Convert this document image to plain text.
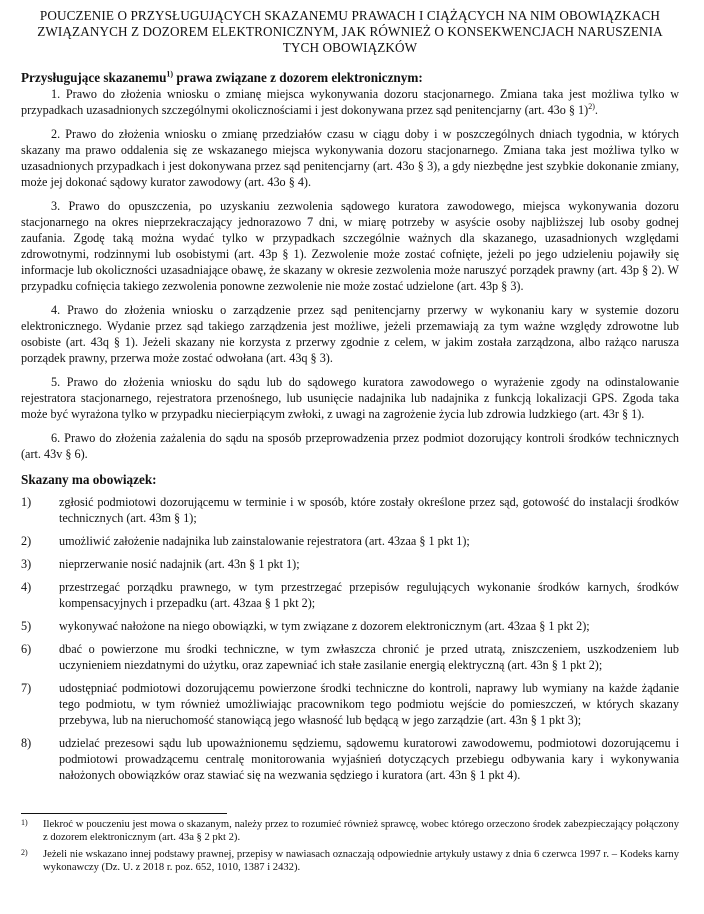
POUCZENIE O PRZYSŁUGUJĄCYCH SKAZANEMU PRAWACH I CIĄŻĄCYCH NA NIM OBOWIĄZKACH ZWIĄZANYCH Z DOZOREM ELEKTRONICZNYM, JAK RÓWNIEŻ O KONSEKWENCJACH NARUSZENIA TYCH OBOWIĄZKÓW

Przysługujące skazanemu$^{1)}$ prawa związane z dozorem elektronicznym:

1. Prawo do złożenia wniosku o zmianę miejsca wykonywania dozoru stacjonarnego. Zmiana taka jest możliwa tylko w przypadkach uzasadnionych szczególnymi okolicznościami i jest dokonywana przez sąd penitencjarny (art. 43o § 1)$^{2)}$.

2. Prawo do złożenia wniosku o zmianę przedziałów czasu w ciągu doby i w poszczególnych dniach tygodnia, w których skazany ma prawo oddalenia się ze wskazanego miejsca wykonywania dozoru stacjonarnego. Zmiana taka jest możliwa tylko w uzasadnionych przypadkach i jest dokonywana przez sąd penitencjarny (art. 43o § 3), a gdy niezbędne jest szybkie dokonanie zmiany, może jej dokonać sądowy kurator zawodowy (art. 43o § 4).

3. Prawo do opuszczenia, po uzyskaniu zezwolenia sądowego kuratora zawodowego, miejsca wykonywania dozoru stacjonarnego na okres nieprzekraczający jednorazowo 7 dni, w miarę potrzeby w asyście osoby najbliższej lub osoby godnej zaufania. Zgodę taką można wydać tylko w przypadkach szczególnie ważnych dla skazanego, uzasadnionych względami zdrowotnymi, rodzinnymi lub osobistymi (art. 43p § 1). Zezwolenie może zostać cofnięte, jeżeli po jego udzieleniu pojawiły się informacje lub okoliczności uzasadniające obawę, że skazany w okresie zezwolenia może naruszyć porządek prawny (art. 43p § 2). W przypadku cofnięcia takiego zezwolenia ponowne zezwolenie nie może zostać udzielone (art. 43p § 3).

4. Prawo do złożenia wniosku o zarządzenie przez sąd penitencjarny przerwy w wykonaniu kary w systemie dozoru elektronicznego. Wydanie przez sąd takiego zarządzenia jest możliwe, jeżeli przemawiają za tym ważne względy zdrowotne lub osobiste (art. 43q § 1). Jeżeli skazany nie korzysta z przerwy zgodnie z celem, w jakim została zarządzona, albo rażąco narusza porządek prawny, przerwa może zostać odwołana (art. 43q § 3).

5. Prawo do złożenia wniosku do sądu lub do sądowego kuratora zawodowego o wyrażenie zgody na odinstalowanie rejestratora stacjonarnego, rejestratora przenośnego, lub usunięcie nadajnika lub nadajnika z funkcją lokalizacji GPS. Zgoda taka może być wyrażona tylko w przypadku niecierpiącym zwłoki, z uwagi na zagrożenie życia lub zdrowia ludzkiego (art. 43r § 1).

6. Prawo do złożenia zażalenia do sądu na sposób przeprowadzenia przez podmiot dozorujący kontroli środków technicznych (art. 43v § 6).

Skazany ma obowiązek:

1) zgłosić podmiotowi dozorującemu w terminie i w sposób, które zostały określone przez sąd, gotowość do instalacji środków technicznych (art. 43m § 1);
2) umożliwić założenie nadajnika lub zainstalowanie rejestratora (art. 43zaa § 1 pkt 1);
3) nieprzerwanie nosić nadajnik (art. 43n § 1 pkt 1);
4) przestrzegać porządku prawnego, w tym przestrzegać przepisów regulujących wykonanie środków karnych, środków kompensacyjnych i przepadku (art. 43zaa § 1 pkt 2);
5) wykonywać nałożone na niego obowiązki, w tym związane z dozorem elektronicznym (art. 43zaa § 1 pkt 2);
6) dbać o powierzone mu środki techniczne, w tym zwłaszcza chronić je przed utratą, zniszczeniem, uszkodzeniem lub uczynieniem niezdatnymi do użytku, oraz zapewniać ich stałe zasilanie energią elektryczną (art. 43n § 1 pkt 2);
7) udostępniać podmiotowi dozorującemu powierzone środki techniczne do kontroli, naprawy lub wymiany na każde żądanie tego podmiotu, w tym również umożliwiając pracownikom tego podmiotu wejście do pomieszczeń, w których skazany przebywa, lub na nieruchomość stanowiącą jego własność lub będącą w jego zarządzie (art. 43n § 1 pkt 3);
8) udzielać prezesowi sądu lub upoważnionemu sędziemu, sądowemu kuratorowi zawodowemu, podmiotowi dozorującemu i podmiotowi prowadzącemu centralę monitorowania wyjaśnień dotyczących przebiegu odbywania kary i wykonywania nałożonych obowiązków oraz stawiać się na wezwania sędziego i kuratora (art. 43n § 1 pkt 4).
1) Ilekroć w pouczeniu jest mowa o skazanym, należy przez to rozumieć również sprawcę, wobec którego orzeczono środek zabezpieczający połączony z dozorem elektronicznym (art. 43a § 2 pkt 2).
2) Jeżeli nie wskazano innej podstawy prawnej, przepisy w nawiasach oznaczają odpowiednie artykuły ustawy z dnia 6 czerwca 1997 r. – Kodeks karny wykonawczy (Dz. U. z 2018 r. poz. 652, 1010, 1387 i 2432).
